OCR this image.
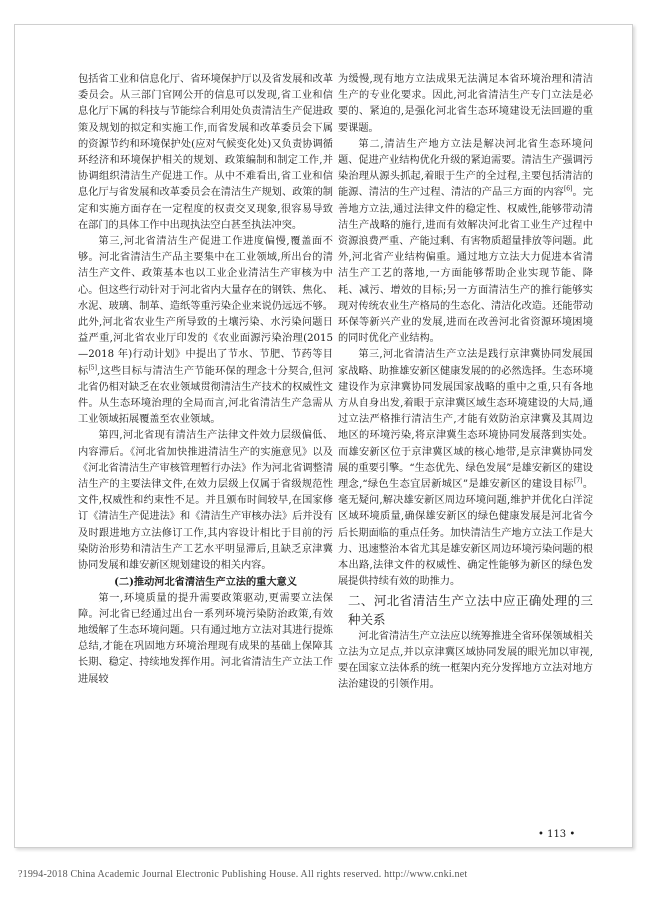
包括省工业和信息化厅、省环境保护厅以及省发展和改革委员会。从三部门官网公开的信息可以发现,省工业和信息化厅下属的科技与节能综合利用处负责清洁生产促进政策及规划的拟定和实施工作,而省发展和改革委员会下属的资源节约和环境保护处(应对气候变化处)又负责协调循环经济和环境保护相关的规划、政策编制和制定工作,并协调组织清洁生产促进工作。从中不难看出,省工业和信息化厅与省发展和改革委员会在清洁生产规划、政策的制定和实施方面存在一定程度的权责交叉现象,很容易导致在部门的具体工作中出现执法空白甚至执法冲突。

第三,河北省清洁生产促进工作进度偏慢,覆盖面不够。河北省清洁生产品主要集中在工业领域,所出台的清洁生产文件、政策基本也以工业企业清洁生产审核为中心。但这些行动针对于河北省内大量存在的钢铁、焦化、水泥、玻璃、制革、造纸等重污染企业来说仍远远不够。此外,河北省农业生产所导致的土壤污染、水污染问题日益严重,河北省农业厅印发的《农业面源污染治理(2015—2018 年)行动计划》中提出了节水、节肥、节药等目标[5],这些目标与清洁生产节能环保的理念十分契合,但河北省仍相对缺乏在农业领域贯彻清洁生产技术的权威性文件。从生态环境治理的全局而言,河北省清洁生产急需从工业领域拓展覆盖至农业领域。

第四,河北省现有清洁生产法律文件效力层级偏低、内容滞后。《河北省加快推进清洁生产的实施意见》以及《河北省清洁生产审核管理暂行办法》作为河北省调整清洁生产的主要法律文件,在效力层级上仅属于省级规范性文件,权威性和约束性不足。并且颁布时间较早,在国家修订《清洁生产促进法》和《清洁生产审核办法》后并没有及时跟进地方立法修订工作,其内容设计相比于目前的污染防治形势和清洁生产工艺水平明显滞后,且缺乏京津冀协同发展和雄安新区规划建设的相关内容。

(二)推动河北省清洁生产立法的重大意义

第一,环境质量的提升需要政策驱动,更需要立法保障。河北省已经通过出台一系列环境污染防治政策,有效地缓解了生态环境问题。只有通过地方立法对其进行提炼总结,才能在巩固地方环境治理现有成果的基础上保障其长期、稳定、持续地发挥作用。河北省清洁生产立法工作进展较

为缓慢,现有地方立法成果无法满足本省环境治理和清洁生产的专业化要求。因此,河北省清洁生产专门立法是必要的、紧迫的,是强化河北省生态环境建设无法回避的重要课题。

第二,清洁生产地方立法是解决河北省生态环境问题、促进产业结构优化升级的紧迫需要。清洁生产强调污染治理从源头抓起,着眼于生产的全过程,主要包括清洁的能源、清洁的生产过程、清洁的产品三方面的内容[6]。完善地方立法,通过法律文件的稳定性、权威性,能够带动清洁生产战略的施行,进而有效解决河北省工业生产过程中资源浪费严重、产能过剩、有害物质超量排放等问题。此外,河北省产业结构偏重。通过地方立法大力促进本省清洁生产工艺的落地,一方面能够帮助企业实现节能、降耗、减污、增效的目标;另一方面清洁生产的推行能够实现对传统农业生产格局的生态化、清洁化改造。还能带动环保等新兴产业的发展,进而在改善河北省资源环境困境的同时优化产业结构。

第三,河北省清洁生产立法是践行京津冀协同发展国家战略、助推雄安新区健康发展的的必然选择。生态环境建设作为京津冀协同发展国家战略的重中之重,只有各地方从自身出发,着眼于京津冀区域生态环境建设的大局,通过立法严格推行清洁生产,才能有效防治京津冀及其周边地区的环境污染,将京津冀生态环境协同发展落到实处。而雄安新区位于京津冀区域的核心地带,是京津冀协同发展的重要引擎。“生态优先、绿色发展”是雄安新区的建设理念,“绿色生态宜居新城区”是雄安新区的建设目标[7]。毫无疑问,解决雄安新区周边环境问题,维护并优化白洋淀区域环境质量,确保雄安新区的绿色健康发展是河北省今后长期面临的重点任务。加快清洁生产地方立法工作是大力、迅速整治本省尤其是雄安新区周边环境污染问题的根本出路,法律文件的权威性、确定性能够为新区的绿色发展提供持续有效的助推力。

二、河北省清洁生产立法中应正确处理的三种关系

河北省清洁生产立法应以统筹推进全省环保领域相关立法为立足点,并以京津冀区域协同发展的眼光加以审视,要在国家立法体系的统一框架内充分发挥地方立法对地方法治建设的引领作用。

• 113 •
?1994-2018 China Academic Journal Electronic Publishing House. All rights reserved. http://www.cnki.net
